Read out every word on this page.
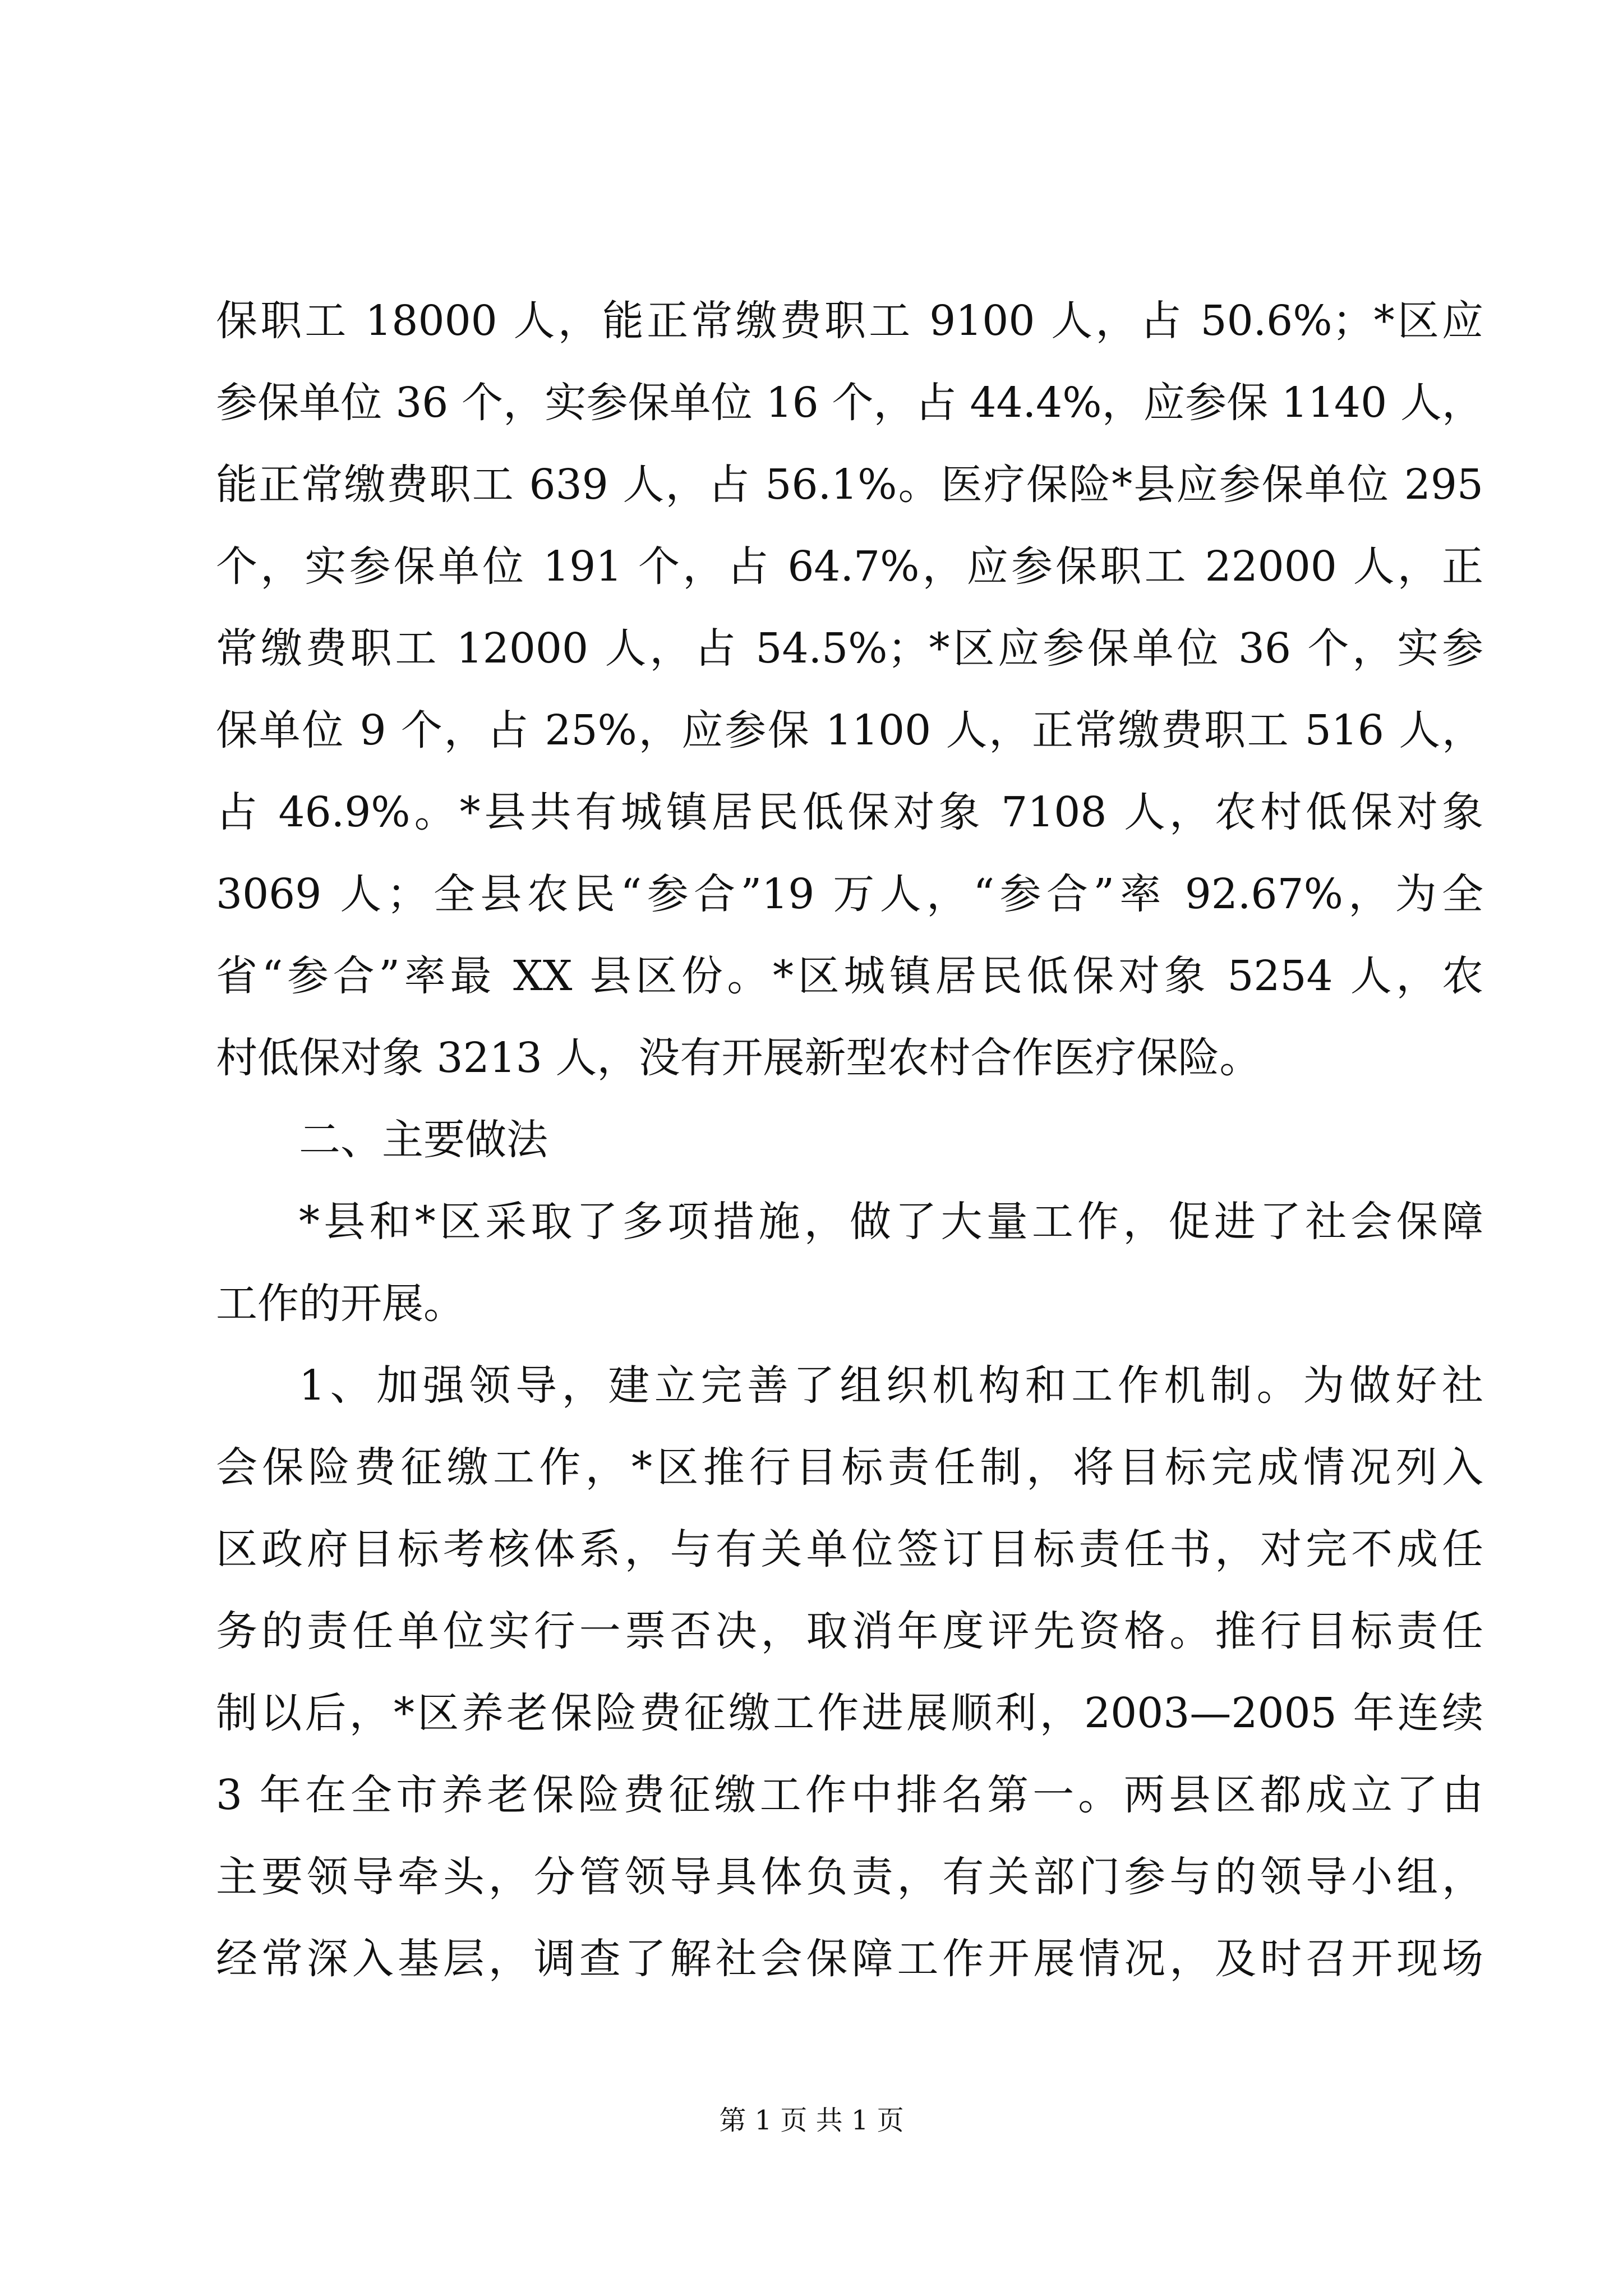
保职工 18000 人，能正常缴费职工 9100 人，占 50.6%；*区应
参保单位 36 个，实参保单位 16 个，占 44.4%，应参保 1140 人，
能正常缴费职工 639 人，占 56.1%。医疗保险*县应参保单位 295
个，实参保单位 191 个，占 64.7%，应参保职工 22000 人，正
常缴费职工 12000 人，占 54.5%；*区应参保单位 36 个，实参
保单位 9 个，占 25%，应参保 1100 人，正常缴费职工 516 人，
占 46.9%。*县共有城镇居民低保对象 7108 人，农村低保对象
3069 人；全县农民“参合”19 万人，“参合”率 92.67%，为全
省“参合”率最 XX 县区份。*区城镇居民低保对象 5254 人，农
村低保对象 3213 人，没有开展新型农村合作医疗保险。
二、主要做法
*县和*区采取了多项措施，做了大量工作，促进了社会保障
工作的开展。
1、加强领导，建立完善了组织机构和工作机制。为做好社
会保险费征缴工作，*区推行目标责任制，将目标完成情况列入
区政府目标考核体系，与有关单位签订目标责任书，对完不成任
务的责任单位实行一票否决，取消年度评先资格。推行目标责任
制以后，*区养老保险费征缴工作进展顺利，2003—2005 年连续
3 年在全市养老保险费征缴工作中排名第一。两县区都成立了由
主要领导牵头，分管领导具体负责，有关部门参与的领导小组，
经常深入基层，调查了解社会保障工作开展情况，及时召开现场
第 1 页 共 1 页
